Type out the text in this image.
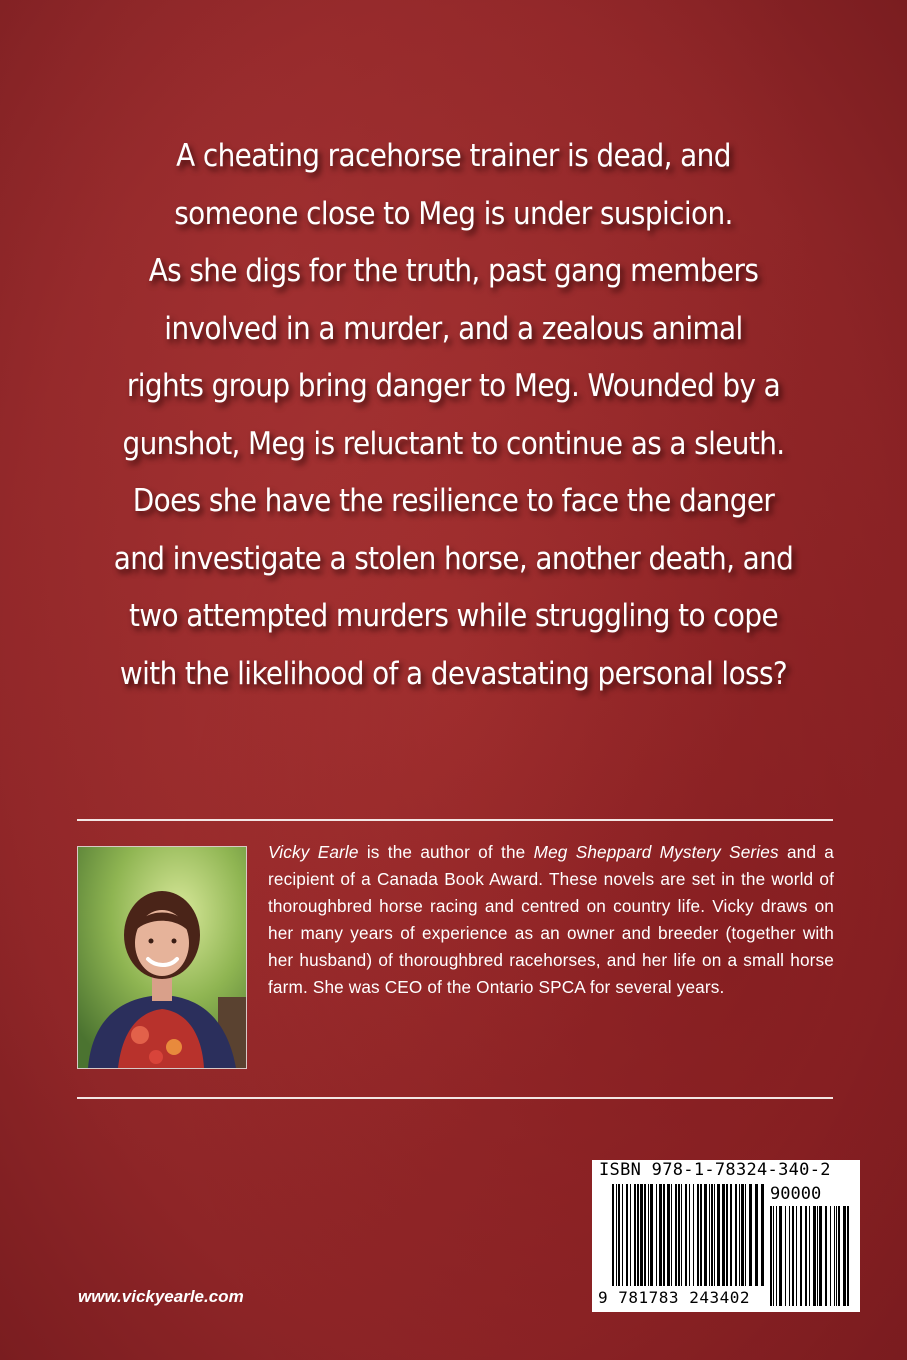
A cheating racehorse trainer is dead, and
someone close to Meg is under suspicion.
As she digs for the truth, past gang members
involved in a murder, and a zealous animal
rights group bring danger to Meg. Wounded by a
gunshot, Meg is reluctant to continue as a sleuth.
Does she have the resilience to face the danger
and investigate a stolen horse, another death, and
two attempted murders while struggling to cope
with the likelihood of a devastating personal loss?

Vicky Earle is the author of the Meg Sheppard Mystery Series and a recipient of a Canada Book Award. These novels are set in the world of thoroughbred horse racing and centred on country life. Vicky draws on her many years of experience as an owner and breeder (together with her husband) of thoroughbred racehorses, and her life on a small horse farm. She was CEO of the Ontario SPCA for several years.

www.vickyearle.com
ISBN 978-1-78324-340-2
90000
9 781783 243402
